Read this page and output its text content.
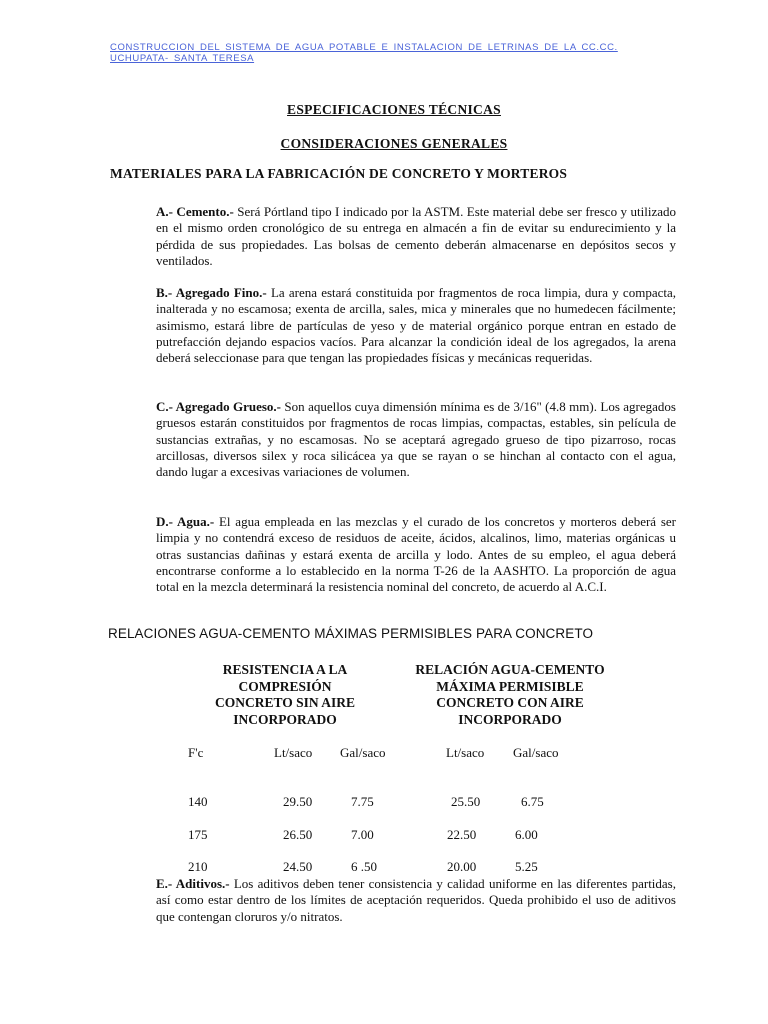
CONSTRUCCION DEL SISTEMA DE AGUA POTABLE E INSTALACION DE LETRINAS DE LA CC.CC. UCHUPATA- SANTA TERESA
ESPECIFICACIONES TÉCNICAS
CONSIDERACIONES GENERALES
MATERIALES PARA LA FABRICACIÓN DE CONCRETO Y MORTEROS

A.- Cemento.- Será Pórtland tipo I indicado por la ASTM. Este material debe ser fresco y utilizado en el mismo orden cronológico de su entrega en almacén a fin de evitar su endurecimiento y la pérdida de sus propiedades. Las bolsas de cemento deberán almacenarse en depósitos secos y ventilados.

B.- Agregado Fino.- La arena estará constituida por fragmentos de roca limpia, dura y compacta, inalterada y no escamosa; exenta de arcilla, sales, mica y minerales que no humedecen fácilmente; asimismo, estará libre de partículas de yeso y de material orgánico porque entran en estado de putrefacción dejando espacios vacíos. Para alcanzar la condición ideal de los agregados, la arena deberá seleccionase para que tengan las propiedades físicas y mecánicas requeridas.

C.- Agregado Grueso.- Son aquellos cuya dimensión mínima es de 3/16" (4.8 mm). Los agregados gruesos estarán constituidos por fragmentos de rocas limpias, compactas, estables, sin película de sustancias extrañas, y no escamosas. No se aceptará agregado grueso de tipo pizarroso, rocas arcillosas, diversos silex y roca silicácea ya que se rayan o se hinchan al contacto con el agua, dando lugar a excesivas variaciones de volumen.

D.- Agua.- El agua empleada en las mezclas y el curado de los concretos y morteros deberá ser limpia y no contendrá exceso de residuos de aceite, ácidos, alcalinos, limo, materias orgánicas u otras sustancias dañinas y estará exenta de arcilla y lodo. Antes de su empleo, el agua deberá encontrarse conforme a lo establecido en la norma T-26 de la AASHTO. La proporción de agua total en la mezcla determinará la resistencia nominal del concreto, de acuerdo al A.C.I.

RELACIONES AGUA-CEMENTO MÁXIMAS PERMISIBLES PARA CONCRETO
RESISTENCIA A LA
COMPRESIÓN
CONCRETO SIN AIRE
INCORPORADO
RELACIÓN AGUA-CEMENTO
MÁXIMA PERMISIBLE
CONCRETO CON AIRE
INCORPORADO
F'c	Lt/saco Gal/saco	Lt/saco Gal/saco
140	29.50	7.75	25.50	6.75
175	26.50	7.00	22.50	6.00
210	24.50	6 .50	20.00	5.25

E.- Aditivos.- Los aditivos deben tener consistencia y calidad uniforme en las diferentes partidas, así como estar dentro de los límites de aceptación requeridos. Queda prohibido el uso de aditivos que contengan cloruros y/o nitratos.
